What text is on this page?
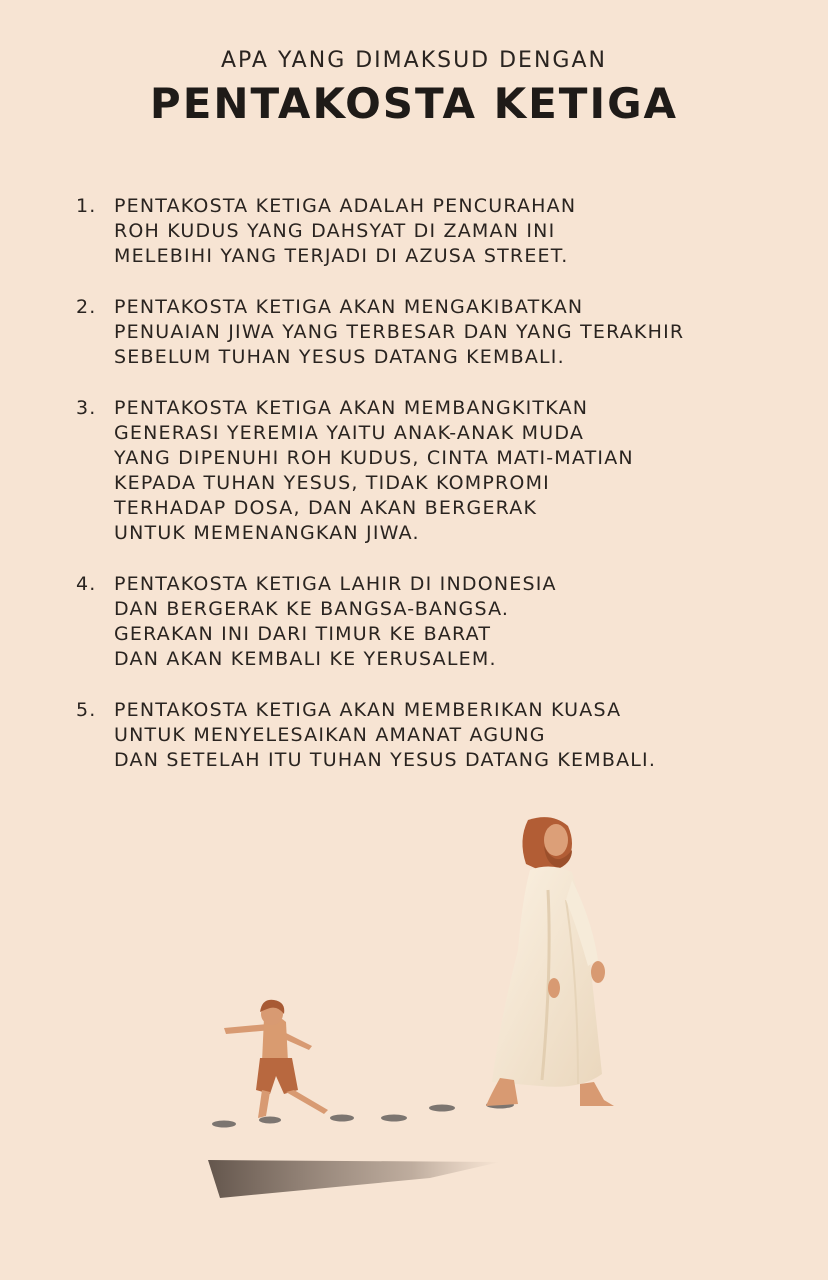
APA YANG DIMAKSUD DENGAN
PENTAKOSTA KETIGA
1. PENTAKOSTA KETIGA ADALAH PENCURAHAN
ROH KUDUS YANG DAHSYAT DI ZAMAN INI
MELEBIHI YANG TERJADI DI AZUSA STREET.
2. PENTAKOSTA KETIGA AKAN MENGAKIBATKAN
PENUAIAN JIWA YANG TERBESAR DAN YANG TERAKHIR
SEBELUM TUHAN YESUS DATANG KEMBALI.
3. PENTAKOSTA KETIGA AKAN MEMBANGKITKAN
GENERASI YEREMIA YAITU ANAK-ANAK MUDA
YANG DIPENUHI ROH KUDUS, CINTA MATI-MATIAN
KEPADA TUHAN YESUS, TIDAK KOMPROMI
TERHADAP DOSA, DAN AKAN BERGERAK
UNTUK MEMENANGKAN JIWA.
4. PENTAKOSTA KETIGA LAHIR DI INDONESIA
DAN BERGERAK KE BANGSA-BANGSA.
GERAKAN INI DARI TIMUR KE BARAT
DAN AKAN KEMBALI KE YERUSALEM.
5. PENTAKOSTA KETIGA AKAN MEMBERIKAN KUASA
UNTUK MENYELESAIKAN AMANAT AGUNG
DAN SETELAH ITU TUHAN YESUS DATANG KEMBALI.
